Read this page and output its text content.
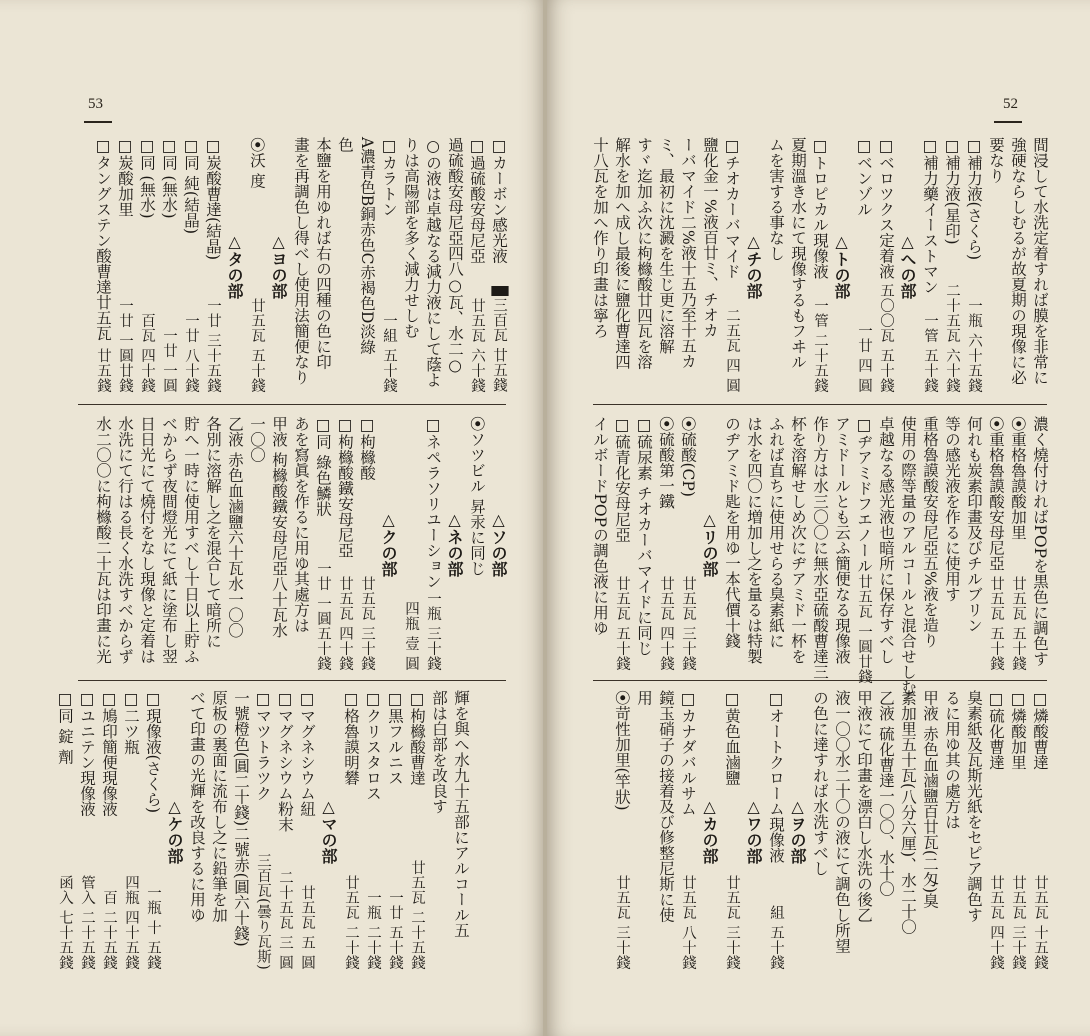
53
□カーボン感光液
▉三百瓦 廿五錢
□過硫酸安母尼亞
廿五瓦 六十錢
過硫酸安母尼亞四八○瓦、水二○
○の液は卓越なる減力液にして蔭よ
りは高陽部を多く減力せしむ
□カラトン
一組 五十錢
A濃青色B銅赤色C赤褐色D淡綠
色
本鹽を用ゆれば右の四種の色に印
畫を再調色し得べし使用法簡便なり
△ヨの部
⦿沃 度
廿五瓦 五十錢
△タの部
□炭酸曹達(結晶)
一廿 三十五錢
□同 純(結晶)
一廿 八十錢
□同 (無水)
一廿 一圓
□同 (無水)
百瓦 四十錢
□炭酸加里
一廿 一圓廿錢
□タングステン酸曹達廿五瓦
廿五錢
△ソの部
⦿ソツビル 昇汞に同じ
△ネの部
□ネペラソリユーション
一瓶 三十錢
四瓶 壹 圓
△クの部
□枸櫞酸
廿五瓦 三十錢
□枸櫞酸鐵安母尼亞
廿五瓦 四十錢
□同 綠色鱗狀
一廿 一圓五十錢
あを寫眞を作るに用ゆ其處方は
甲液 枸櫞酸鐵安母尼亞八十瓦水
一〇〇
乙液 赤色血滷鹽六十瓦水一〇〇
各別に溶解し之を混合して暗所に
貯へ一時に使用すべし十日以上貯ふ
べからず夜間燈光にて紙に塗布し翌
日日光にて燒付をなし現像と定着は
水洗にて行はる長く水洗すべからず
水二〇〇に枸櫞酸二十瓦は印畫に光
輝を與へ水九十五部にアルコール五
部は白部を改良す
□枸櫞酸曹達
廿五瓦 二十五錢
□黒フルニス
一廿 五十錢
□クリスタロス
一瓶 二十錢
□格魯謨明礬
廿五瓦 二十錢
△マの部
□マグネシウム紐
廿五瓦 五 圓
□マグネシウム粉末
二十五瓦 三 圓
□マツトラツク
三百瓦(曇り瓦斯)
一號橙色(圓二十錢)二號赤(圓六十錢)
原板の裏面に流布し之に鉛筆を加
べて印畫の光輝を改良するに用ゆ
△ケの部
□現像液(さくら)
一瓶 十 五錢
□二ツ瓶
四瓶 四十五錢
□鳩印簡便現像液
百 二十五錢
□ユニテン現像液
管入 二十五錢
□同 錠 劑
函入 七十五錢
52
間浸して水洗定着すれば膜を非常に
強硬ならしむるが故夏期の現像に必
要なり
□補力液(さくら)
一瓶 六十五錢
□補力液(星印)
二十五瓦 六十錢
□補力藥イーストマン
一管 五十錢
△への部
□ベロツクス定着液
五〇〇瓦 五十錢
□ベンゾル
一廿 四 圓
△トの部
□トロピカル現像液
一管 二十五錢
夏期溫き水にて現像するもフヰル
ムを害する事なし
△チの部
□チオカーバマイド
二五瓦 四 圓
鹽化金一%液百廿ミ、チオカ
ーバマイド二%液十五乃至十五カ
ミ、最初に沈澱を生じ更に溶解
すヾ迄加ふ次に枸櫞酸廿四瓦を溶
解水を加へ成し最後に鹽化曹達四
十八瓦を加へ作り印畫は寧ろ
濃く燒付ければPOPを黒色に調色す
⦿重格魯謨酸加里
廿五瓦 五十錢
⦿重格魯謨酸安母尼亞
廿五瓦 五十錢
何れも炭素印畫及びチルブリン
等の感光液を作るに使用す
重格魯謨酸安母尼亞五%液を造り
使用の際等量のアルコールと混合せしむ
卓越なる感光液也暗所に保存すべし
□ヂアミドフエノール
廿五瓦 一圓廿錢
アミドールとも云ふ簡便なる現像液
作り方は水三〇〇に無水亞硫酸曹達三
杯を溶解せしめ次にヂアミド一杯を
ふれば直ちに使用せらる臭素紙に
は水を四〇に増加し之を量るは特製
のヂアミド匙を用ゆ一本代價十錢
△リの部
⦿硫酸(CP)
廿五瓦 三十錢
⦿硫酸第一鐵
廿五瓦 四十錢
□硫尿素 チオカーバマイドに同じ
□硫青化安母尼亞
廿五瓦 五十錢
イルボードPOPの調色液に用ゆ
□燐酸曹達
廿五瓦 十五錢
□燐酸加里
廿五瓦 三十錢
□硫化曹達
廿五瓦 四十錢
臭素紙及瓦斯光紙をセピア調色す
るに用ゆ其の處方は
甲液 赤色血滷鹽百廿瓦(二匁)臭
素加里五十瓦(八分六厘)、水二十〇
乙液 硫化曹達一〇〇、水十〇
甲液にて印畫を漂白し水洗の後乙
液一〇〇水二十〇の液にて調色し所望
の色に達すれば水洗すべし
△ヲの部
□オートクローム現像液
組 五十錢
△ワの部
□黄色血滷鹽
廿五瓦 三十錢
△カの部
□カナダバルサム
廿五瓦 八十錢
鏡玉硝子の接着及び修整尼斯に使
用
⦿苛性加里(竿狀)
廿五瓦 三十錢
